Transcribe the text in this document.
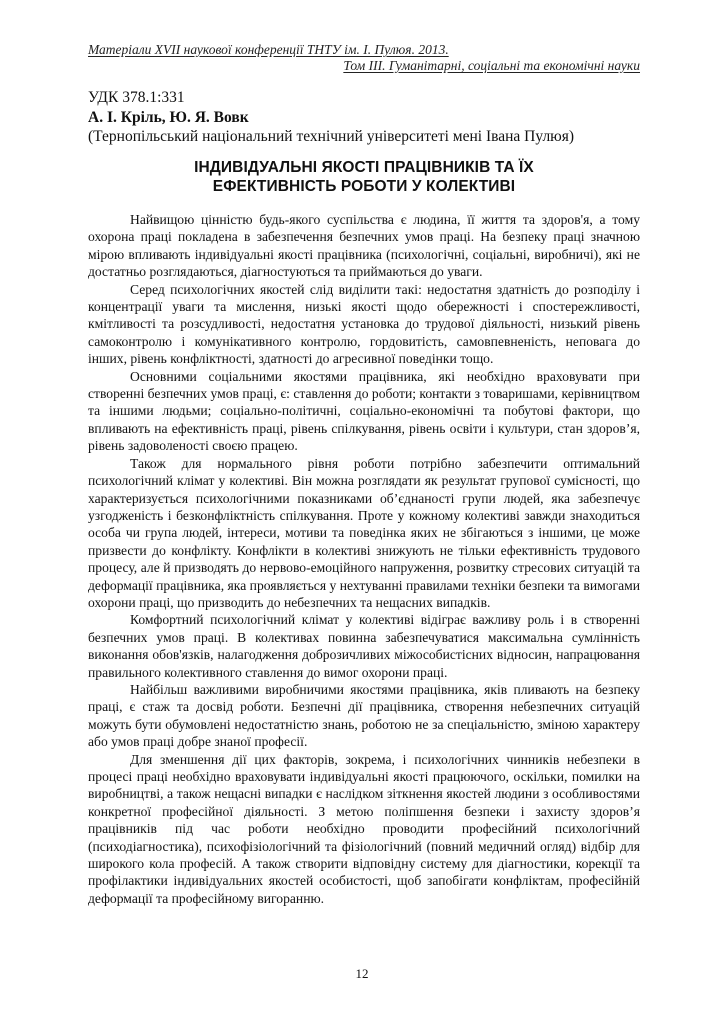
Матеріали XVІІ наукової конференції ТНТУ ім. І. Пулюя. 2013.
Том ІІІ. Гуманітарні, соціальні та економічні науки
УДК 378.1:331
А. І. Кріль, Ю. Я. Вовк
(Тернопільський національний технічний університеті мені Івана Пулюя)
ІНДИВІДУАЛЬНІ ЯКОСТІ ПРАЦІВНИКІВ ТА ЇХ
ЕФЕКТИВНІСТЬ РОБОТИ У КОЛЕКТИВІ

Найвищою цінністю будь-якого суспільства є людина, її життя та здоров'я, а тому охорона праці покладена в забезпечення безпечних умов праці. На безпеку праці значною мірою впливають індивідуальні якості працівника (психологічні, соціальні, виробничі), які не достатньо розглядаються, діагностуються та приймаються до уваги.

Серед психологічних якостей слід виділити такі: недостатня здатність до розподілу і концентрації уваги та мислення, низькі якості щодо обережності і спостережливості, кмітливості та розсудливості, недостатня установка до трудової діяльності, низький рівень самоконтролю і комунікативного контролю, гордовитість, самовпевненість, неповага до інших, рівень конфліктності, здатності до агресивної поведінки тощо.

Основними соціальними якостями працівника, які необхідно враховувати при створенні безпечних умов праці, є: ставлення до роботи; контакти з товаришами, керівництвом та іншими людьми; соціально-політичні, соціально-економічні та побутові фактори, що впливають на ефективність праці, рівень спілкування, рівень освіти і культури, стан здоров’я, рівень задоволеності своєю працею.

Також для нормального рівня роботи потрібно забезпечити оптимальний психологічний клімат у колективі. Він можна розглядати як результат групової сумісності, що характеризується психологічними показниками об’єднаності групи людей, яка забезпечує узгодженість і безконфліктність спілкування. Проте у кожному колективі завжди знаходиться особа чи група людей, інтереси, мотиви та поведінка яких не збігаються з іншими, це може призвести до конфлікту. Конфлікти в колективі знижують не тільки ефективність трудового процесу, але й призводять до нервово-емоційного напруження, розвитку стресових ситуацій та деформації працівника, яка проявляється у нехтуванні правилами техніки безпеки та вимогами охорони праці, що призводить до небезпечних та нещасних випадків.

Комфортний психологічний клімат у колективі відіграє важливу роль і в створенні безпечних умов праці. В колективах повинна забезпечуватися максимальна сумлінність виконання обов'язків, налагодження доброзичливих міжособистісних відносин, напрацювання правильного колективного ставлення до вимог охорони праці.

Найбільш важливими виробничими якостями працівника, яків пливають на безпеку праці, є стаж та досвід роботи. Безпечні дії працівника, створення небезпечних ситуацій можуть бути обумовлені недостатністю знань, роботою не за спеціальністю, зміною характеру або умов праці добре знаної професії.

Для зменшення дії цих факторів, зокрема, і психологічних чинників небезпеки в процесі праці необхідно враховувати індивідуальні якості працюючого, оскільки, помилки на виробництві, а також нещасні випадки є наслідком зіткнення якостей людини з особливостями конкретної професійної діяльності. З метою поліпшення безпеки і захисту здоров’я працівників під час роботи необхідно проводити професійний психологічний (психодіагностика), психофізіологічний та фізіологічний (повний медичний огляд) відбір для широкого кола професій. А також створити відповідну систему для діагностики, корекції та профілактики індивідуальних якостей особистості, щоб запобігати конфліктам, професійній деформації та професійному вигоранню.

12
